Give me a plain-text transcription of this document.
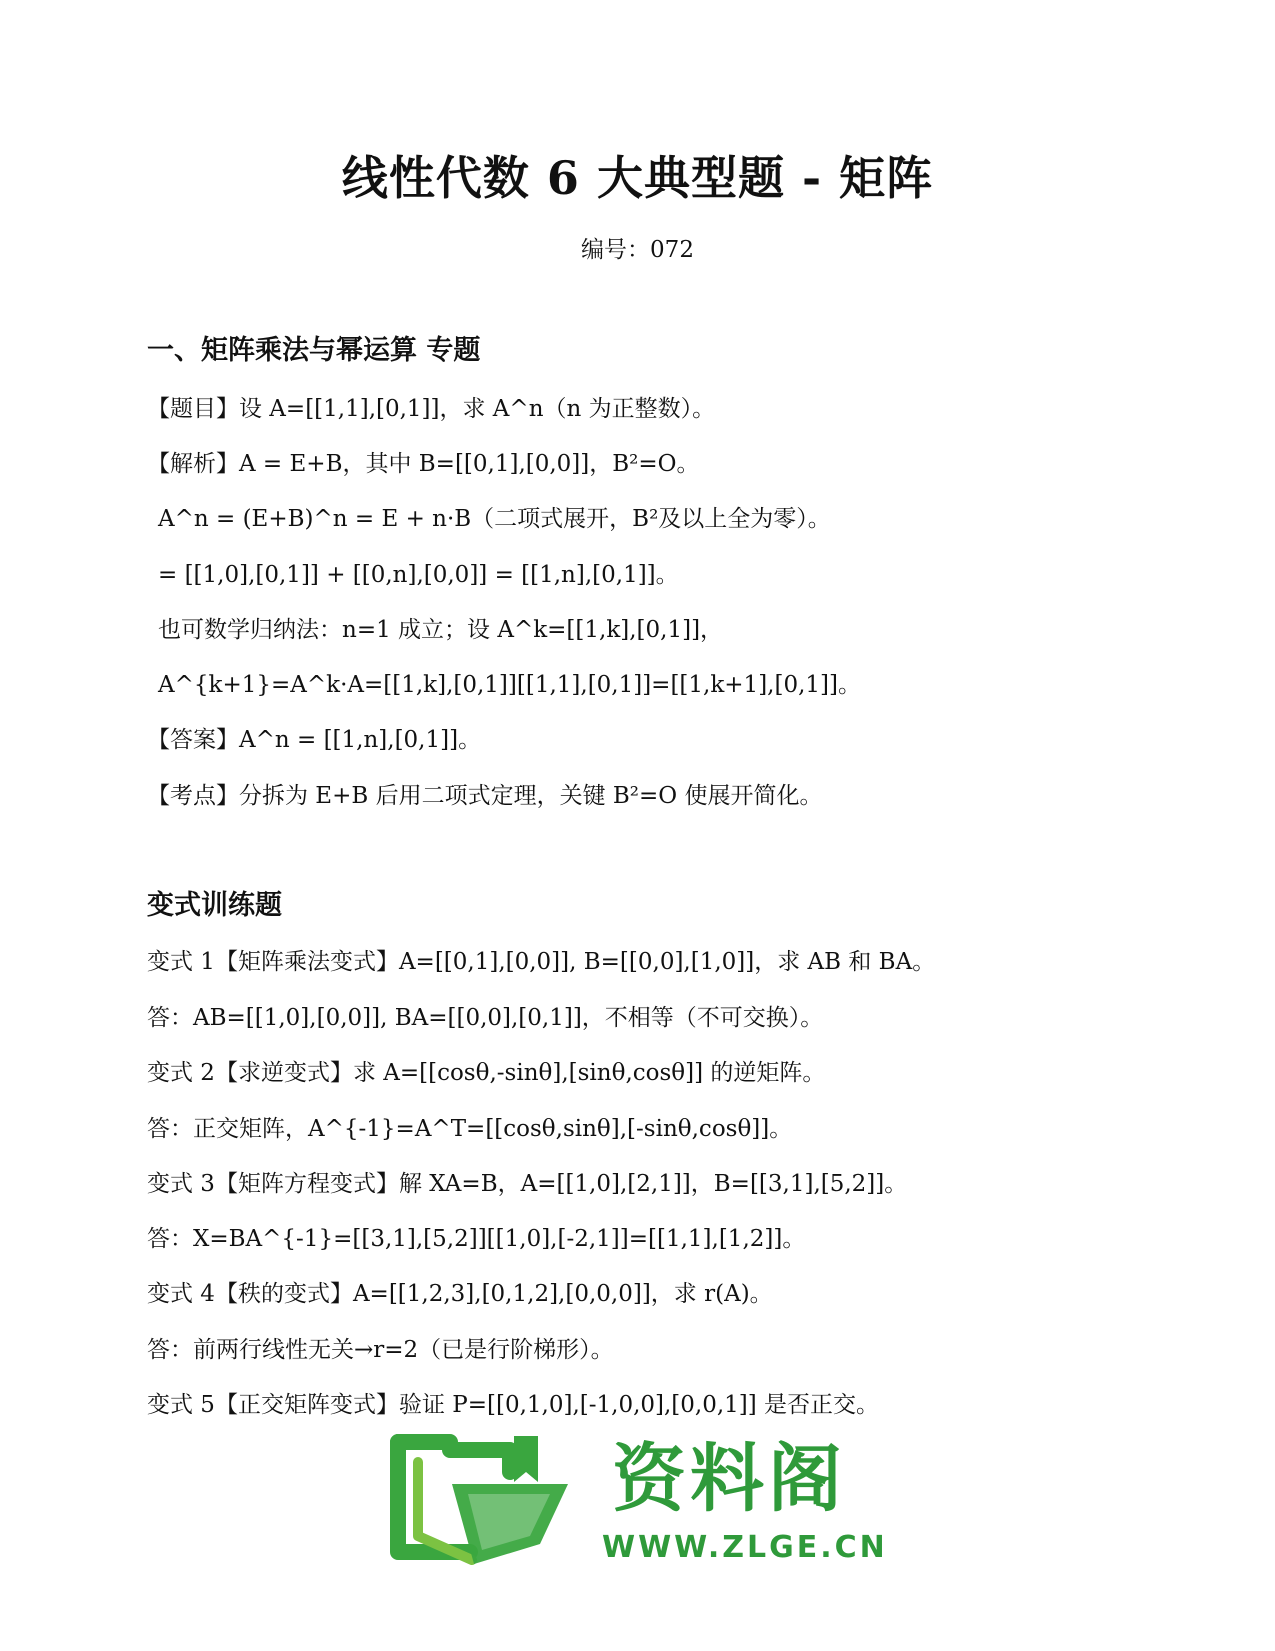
线性代数 6 大典型题 - 矩阵
编号：072
一、矩阵乘法与幂运算 专题
【题目】设 A=[[1,1],[0,1]]，求 A^n（n 为正整数）。
【解析】A = E+B，其中 B=[[0,1],[0,0]]，B²=O。
A^n = (E+B)^n = E + n·B（二项式展开，B²及以上全为零）。
= [[1,0],[0,1]] + [[0,n],[0,0]] = [[1,n],[0,1]]。
也可数学归纳法：n=1 成立；设 A^k=[[1,k],[0,1]]，
A^{k+1}=A^k·A=[[1,k],[0,1]][[1,1],[0,1]]=[[1,k+1],[0,1]]。
【答案】A^n = [[1,n],[0,1]]。
【考点】分拆为 E+B 后用二项式定理，关键 B²=O 使展开简化。
变式训练题
变式 1【矩阵乘法变式】A=[[0,1],[0,0]], B=[[0,0],[1,0]]，求 AB 和 BA。
答：AB=[[1,0],[0,0]], BA=[[0,0],[0,1]]，不相等（不可交换）。
变式 2【求逆变式】求 A=[[cosθ,-sinθ],[sinθ,cosθ]] 的逆矩阵。
答：正交矩阵，A^{-1}=A^T=[[cosθ,sinθ],[-sinθ,cosθ]]。
变式 3【矩阵方程变式】解 XA=B，A=[[1,0],[2,1]]，B=[[3,1],[5,2]]。
答：X=BA^{-1}=[[3,1],[5,2]][[1,0],[-2,1]]=[[1,1],[1,2]]。
变式 4【秩的变式】A=[[1,2,3],[0,1,2],[0,0,0]]，求 r(A)。
答：前两行线性无关→r=2（已是行阶梯形）。
变式 5【正交矩阵变式】验证 P=[[0,1,0],[-1,0,0],[0,0,1]] 是否正交。
资料阁
WWW.ZLGE.CN
